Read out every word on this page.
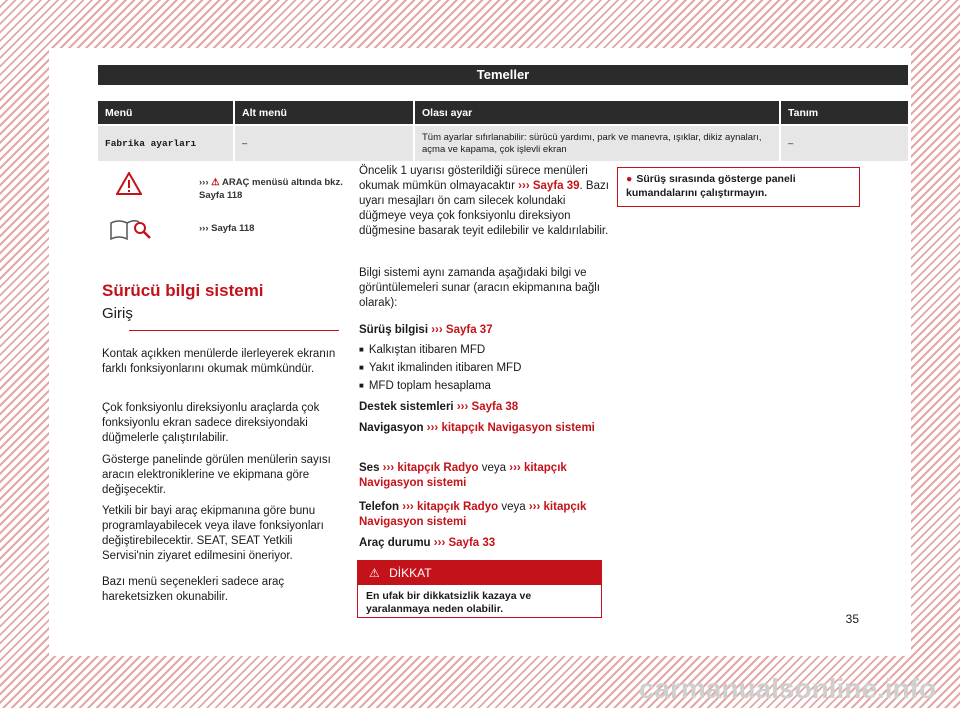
Temeller
Menü	Alt menü	Olası ayar	Tanım
Fabrika ayarları	–	Tüm ayarlar sıfırlanabilir: sürücü yardımı, park ve manevra, ışıklar, dikiz aynaları,
açma ve kapama, çok işlevli ekran	–
››› ⚠ ARAÇ menüsü altında bkz. Sayfa 118
››› Sayfa 118
Sürücü bilgi sistemi
Giriş

Kontak açıkken menülerde ilerleyerek ekranın farklı fonksiyonlarını okumak mümkündür.

Çok fonksiyonlu direksiyonlu araçlarda çok fonksiyonlu ekran sadece direksiyondaki düğmelerle çalıştırılabilir.

Gösterge panelinde görülen menülerin sayısı aracın elektroniklerine ve ekipmana göre değişecektir.

Yetkili bir bayi araç ekipmanına göre bunu programlayabilecek veya ilave fonksiyonları değiştirebilecektir. SEAT, SEAT Yetkili Servisi'nin ziyaret edilmesini öneriyor.

Bazı menü seçenekleri sadece araç hareketsizken okunabilir.

Öncelik 1 uyarısı gösterildiği sürece menüleri okumak mümkün olmayacaktır ››› Sayfa 39. Bazı uyarı mesajları ön cam silecek kolundaki düğmeye veya çok fonksiyonlu direksiyon düğmesine basarak teyit edilebilir ve kaldırılabilir.

Bilgi sistemi aynı zamanda aşağıdaki bilgi ve görüntülemeleri sunar (aracın ekipmanına bağlı olarak):

Sürüş bilgisi ››› Sayfa 37

■ Kalkıştan itibaren MFD

■ Yakıt ikmalinden itibaren MFD

■ MFD toplam hesaplama

Destek sistemleri ››› Sayfa 38

Navigasyon ››› kitapçık Navigasyon sistemi

Ses ››› kitapçık Radyo veya ››› kitapçık Navigasyon sistemi

Telefon ››› kitapçık Radyo veya ››› kitapçık Navigasyon sistemi

Araç durumu ››› Sayfa 33

⚠ DİKKAT
En ufak bir dikkatsizlik kazaya ve yaralanmaya neden olabilir.
● Sürüş sırasında gösterge paneli kumandalarını çalıştırmayın.
35
carmanualsonline.info
